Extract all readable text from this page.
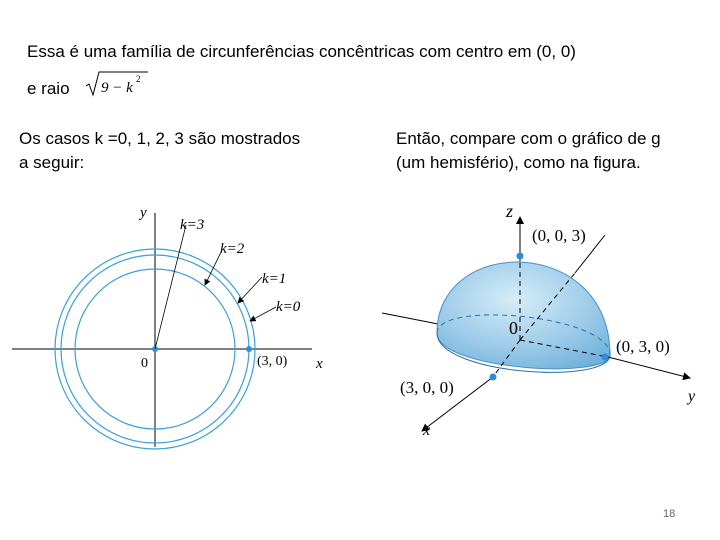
Essa é uma família de circunferências concêntricas com centro em (0, 0)
e raio 9 − k
2
Os casos k =0, 1, 2, 3 são mostrados
a seguir:
Então, compare com o gráfico de g
(um hemisfério), como na figura.
y
x
0	(3, 0)
k=3
k=2
k=1
k=0
z
y
x
0
(0, 0, 3)
(0, 3, 0)
(3, 0, 0)
18
